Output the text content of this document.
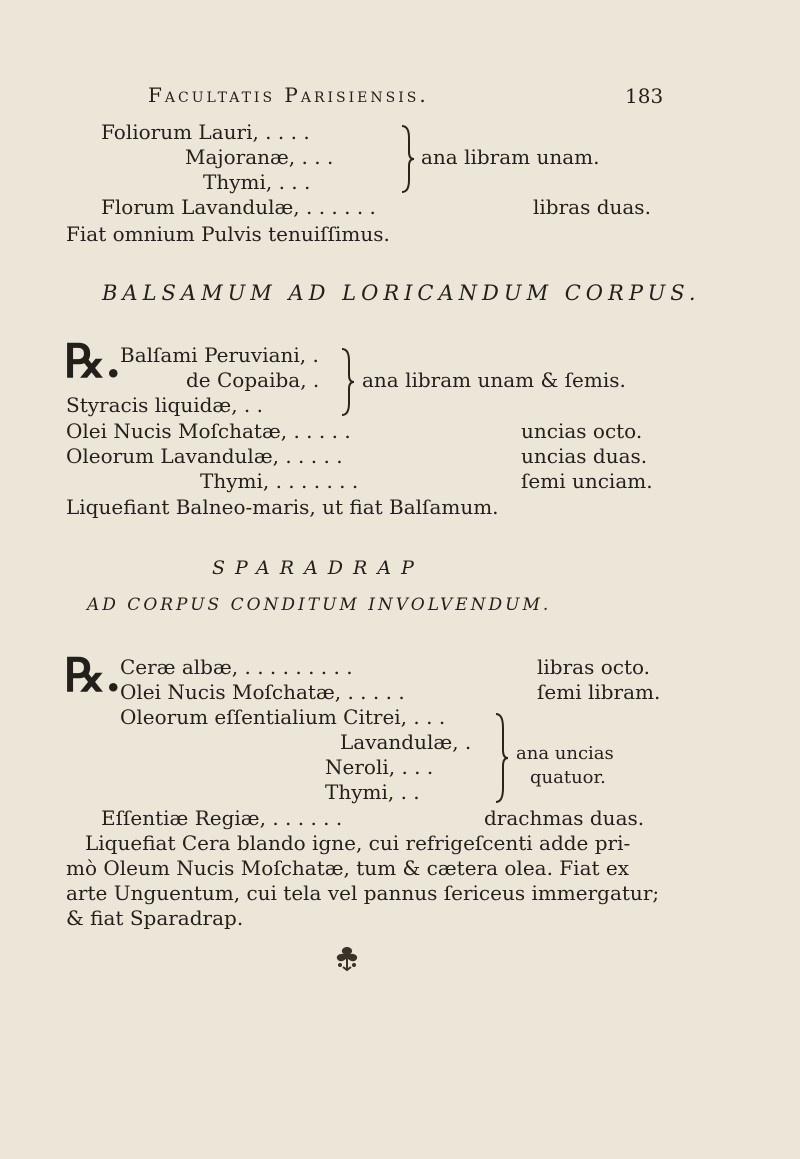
Facultatis Parisiensis.	183
Foliorum Lauri, . . . .
Majoranæ, . . .
Thymi, . . .
ana libram unam.
Florum Lavandulæ, . . . . . .	libras duas.
Fiat omnium Pulvis tenuiſſimus.
BALSAMUM AD LORICANDUM CORPUS.
℞.
Balſami Peruviani, .
de Copaiba, .
Styracis liquidæ, . .
ana libram unam & ſemis.
Olei Nucis Moſchatæ, . . . . .	uncias octo.
Oleorum Lavandulæ, . . . . .	uncias duas.
Thymi, . . . . . . .	ſemi unciam.
Liquefiant Balneo-maris, ut fiat Balſamum.
SPARADRAP
AD CORPUS CONDITUM INVOLVENDUM.
℞.
Ceræ albæ, . . . . . . . . .	libras octo.
Olei Nucis Moſchatæ, . . . . .	ſemi libram.
Oleorum eſſentialium Citrei, . . .
Lavandulæ, .
Neroli, . . .
Thymi, . .
ana uncias
quatuor.
Eſſentiæ Regiæ, . . . . . .	drachmas duas.
Liquefiat Cera blando igne, cui refrigeſcenti adde pri-
mò Oleum Nucis Moſchatæ, tum & cætera olea. Fiat ex
arte Unguentum, cui tela vel pannus ſericeus immergatur;
& fiat Sparadrap.
